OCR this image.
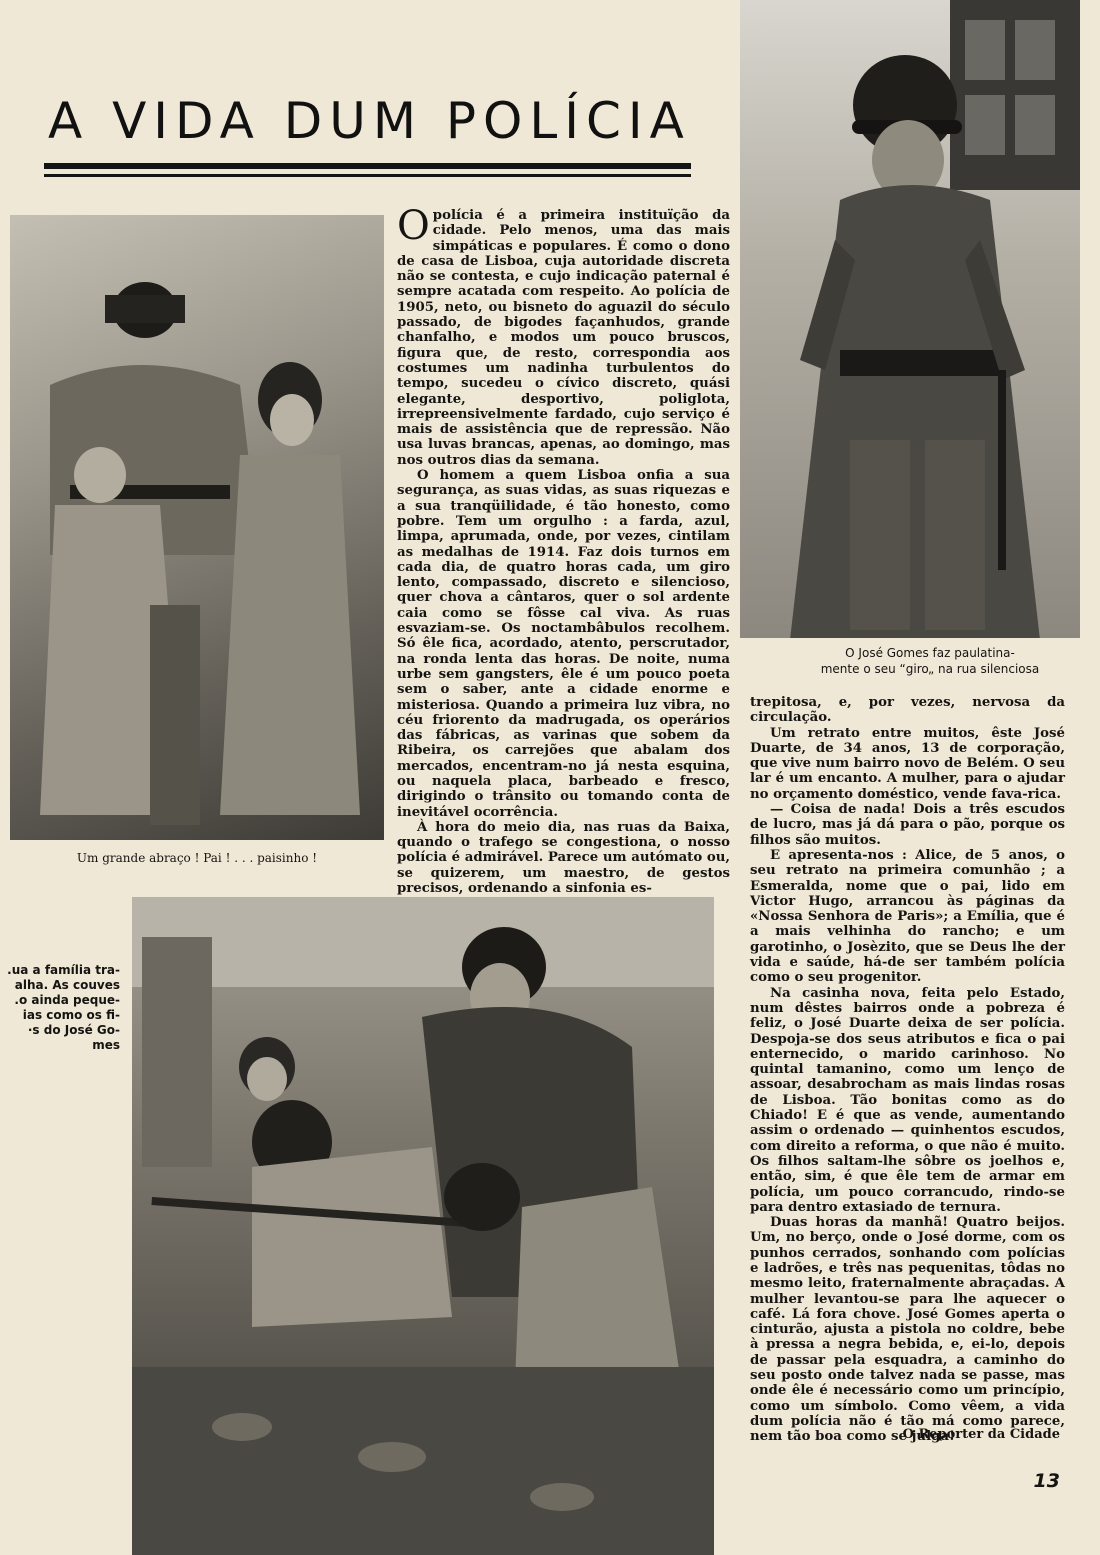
O José Gomes faz paulatina-
mente o seu “giro„ na rua silenciosa
A VIDA DUM POLÍCIA
Um grande abraço ! Pai ! . . . paisinho !

Opolícia é a primeira instituïção da cidade. Pelo menos, uma das mais simpáticas e populares. É como o dono de casa de Lisboa, cuja autoridade discreta não se contesta, e cujo indicação paternal é sempre acatada com respeito. Ao polícia de 1905, neto, ou bisneto do aguazil do século passado, de bigodes façanhudos, grande chanfalho, e modos um pouco bruscos, figura que, de resto, correspondia aos costumes um nadinha turbulentos do tempo, sucedeu o cívico discreto, quási elegante, desportivo, poliglota, irrepreensivelmente fardado, cujo serviço é mais de assistência que de repressão. Não usa luvas brancas, apenas, ao domingo, mas nos outros dias da semana.

O homem a quem Lisboa onfia a sua segurança, as suas vidas, as suas riquezas e a sua tranqüilidade, é tão honesto, como pobre. Tem um orgulho : a farda, azul, limpa, aprumada, onde, por vezes, cintilam as medalhas de 1914. Faz dois turnos em cada dia, de quatro horas cada, um giro lento, compassado, discreto e silencioso, quer chova a cântaros, quer o sol ardente caia como se fôsse cal viva. As ruas esvaziam-se. Os noctambâbulos recolhem. Só êle fica, acordado, atento, perscrutador, na ronda lenta das horas. De noite, numa urbe sem gangsters, êle é um pouco poeta sem o saber, ante a cidade enorme e misteriosa. Quando a primeira luz vibra, no céu friorento da madrugada, os operários das fábricas, as varinas que sobem da Ribeira, os carrejões que abalam dos mercados, encentram-no já nesta esquina, ou naquela placa, barbeado e fresco, dirigindo o trânsito ou tomando conta de inevitável ocorrência.

À hora do meio dia, nas ruas da Baixa, quando o trafego se congestiona, o nosso polícia é admirável. Parece um autómato ou, se quizerem, um maestro, de gestos precisos, ordenando a sinfonia es-

.ua a família tra-
alha. As couves
.o ainda peque-
ias como os fi-
·s do José Go-
mes

trepitosa, e, por vezes, nervosa da circulação.

Um retrato entre muitos, êste José Duarte, de 34 anos, 13 de corporação, que vive num bairro novo de Belém. O seu lar é um encanto. A mulher, para o ajudar no orçamento doméstico, vende fava-rica.

— Coisa de nada! Dois a três escudos de lucro, mas já dá para o pão, porque os filhos são muitos.

E apresenta-nos : Alice, de 5 anos, o seu retrato na primeira comunhão ; a Esmeralda, nome que o pai, lido em Victor Hugo, arrancou às páginas da «Nossa Senhora de Paris»; a Emília, que é a mais velhinha do rancho; e um garotinho, o Josèzito, que se Deus lhe der vida e saúde, há-de ser também polícia como o seu progenitor.

Na casinha nova, feita pelo Estado, num dêstes bairros onde a pobreza é feliz, o José Duarte deixa de ser polícia. Despoja-se dos seus atributos e fica o pai enternecido, o marido carinhoso. No quintal tamanino, como um lenço de assoar, desabrocham as mais lindas rosas de Lisboa. Tão bonitas como as do Chiado! E é que as vende, aumentando assim o ordenado — quinhentos escudos, com direito a reforma, o que não é muito. Os filhos saltam-lhe sôbre os joelhos e, então, sim, é que êle tem de armar em polícia, um pouco corrancudo, rindo-se para dentro extasiado de ternura.

Duas horas da manhã! Quatro beijos. Um, no berço, onde o José dorme, com os punhos cerrados, sonhando com polícias e ladrões, e três nas pequenitas, tôdas no mesmo leito, fraternalmente abraçadas. A mulher levantou-se para lhe aquecer o café. Lá fora chove. José Gomes aperta o cinturão, ajusta a pistola no coldre, bebe à pressa a negra bebida, e, ei-lo, depois de passar pela esquadra, a caminho do seu posto onde talvez nada se passe, mas onde êle é necessário como um princípio, como um símbolo. Como vêem, a vida dum polícia não é tão má como parece, nem tão boa como se julga!

O Reporter da Cidade
13
